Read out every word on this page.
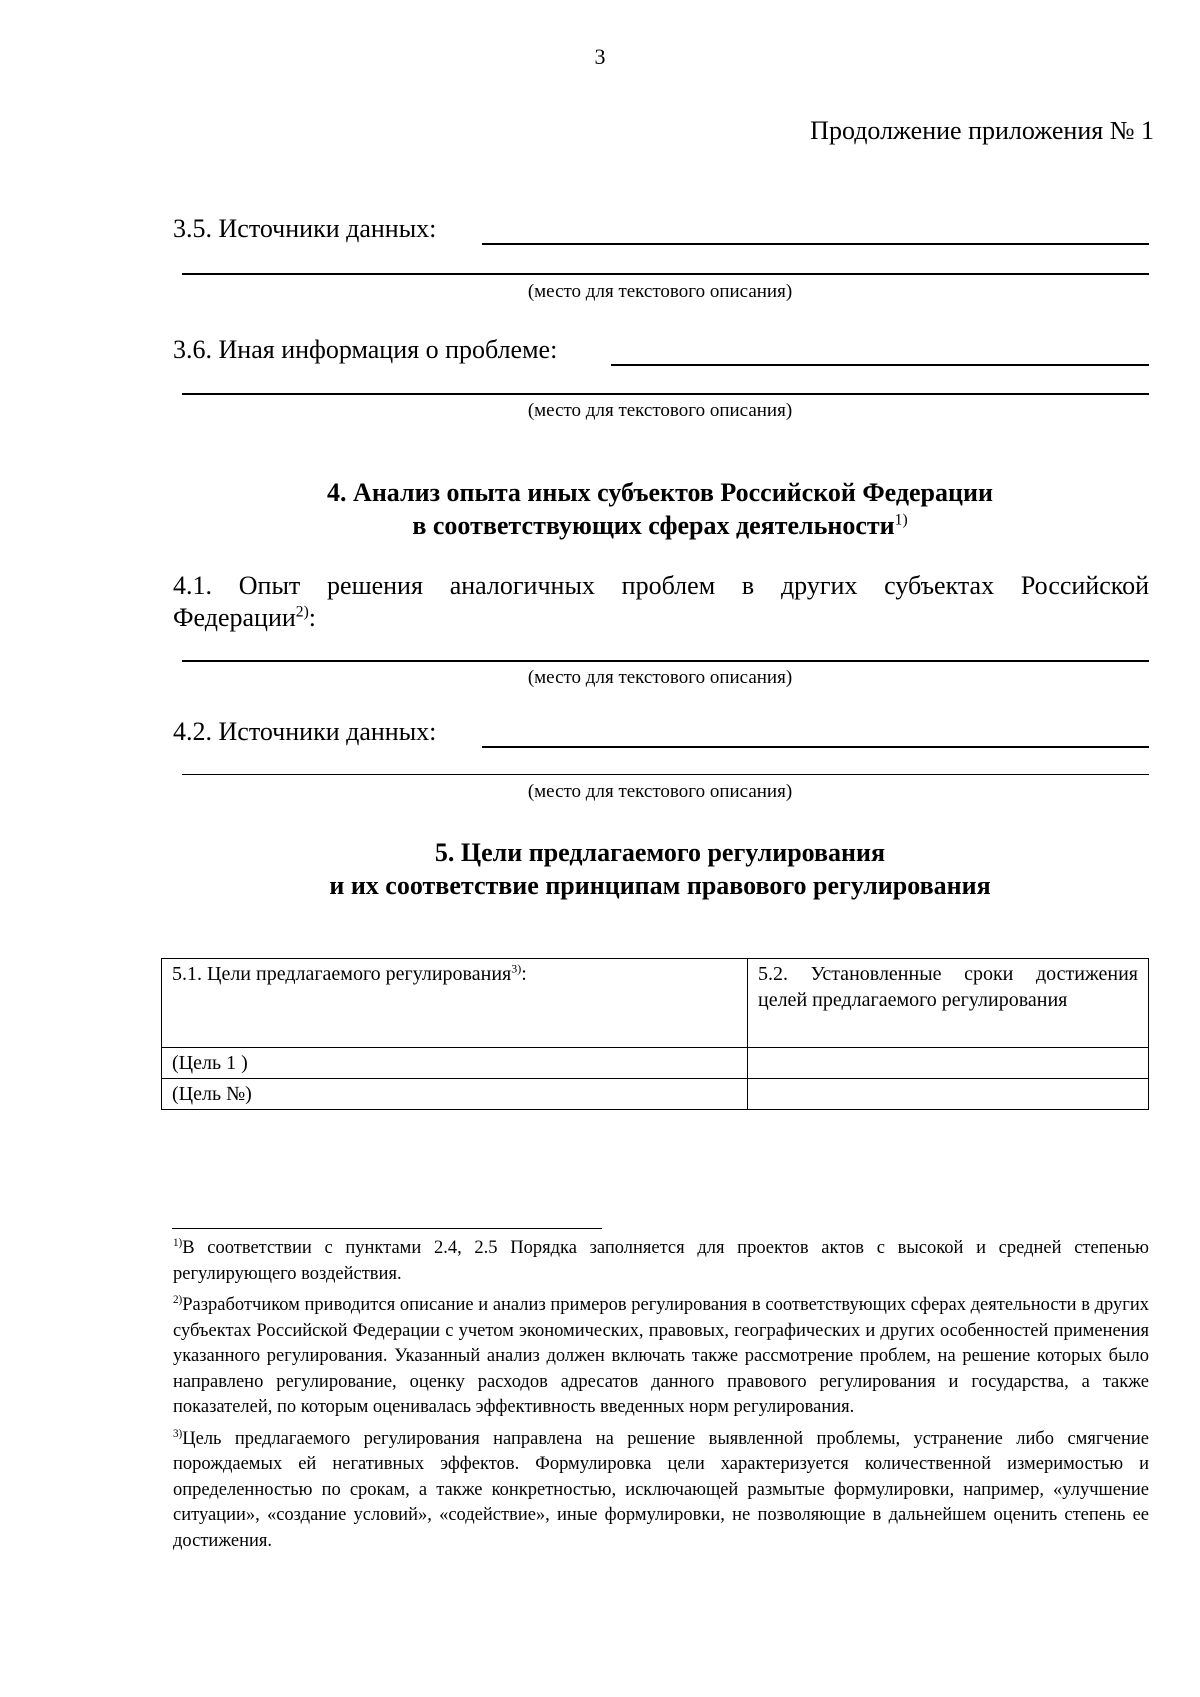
3
Продолжение приложения № 1
3.5. Источники данных:
(место для текстового описания)
3.6. Иная информация о проблеме:
(место для текстового описания)
4. Анализ опыта иных субъектов Российской Федерации
в соответствующих сферах деятельности$^{1)}$
4.1. Опыт решения аналогичных проблем в других субъектах Российской
Федерации$^{2)}$:
(место для текстового описания)
4.2. Источники данных:
(место для текстового описания)
5. Цели предлагаемого регулирования
и их соответствие принципам правового регулирования
5.1. Цели предлагаемого регулирования$^{3)}$:	5.2. Установленные сроки достижения целей предлагаемого регулирования
(Цель 1 )	
(Цель №)	

$^{1)}$В соответствии с пунктами 2.4, 2.5 Порядка заполняется для проектов актов с высокой и средней степенью регулирующего воздействия.

$^{2)}$Разработчиком приводится описание и анализ примеров регулирования в соответствующих сферах деятельности в других субъектах Российской Федерации с учетом экономических, правовых, географических и других особенностей применения указанного регулирования. Указанный анализ должен включать также рассмотрение проблем, на решение которых было направлено регулирование, оценку расходов адресатов данного правового регулирования и государства, а также показателей, по которым оценивалась эффективность введенных норм регулирования.

$^{3)}$Цель предлагаемого регулирования направлена на решение выявленной проблемы, устранение либо смягчение порождаемых ей негативных эффектов. Формулировка цели характеризуется количественной измеримостью и определенностью по срокам, а также конкретностью, исключающей размытые формулировки, например, «улучшение ситуации», «создание условий», «содействие», иные формулировки, не позволяющие в дальнейшем оценить степень ее достижения.
